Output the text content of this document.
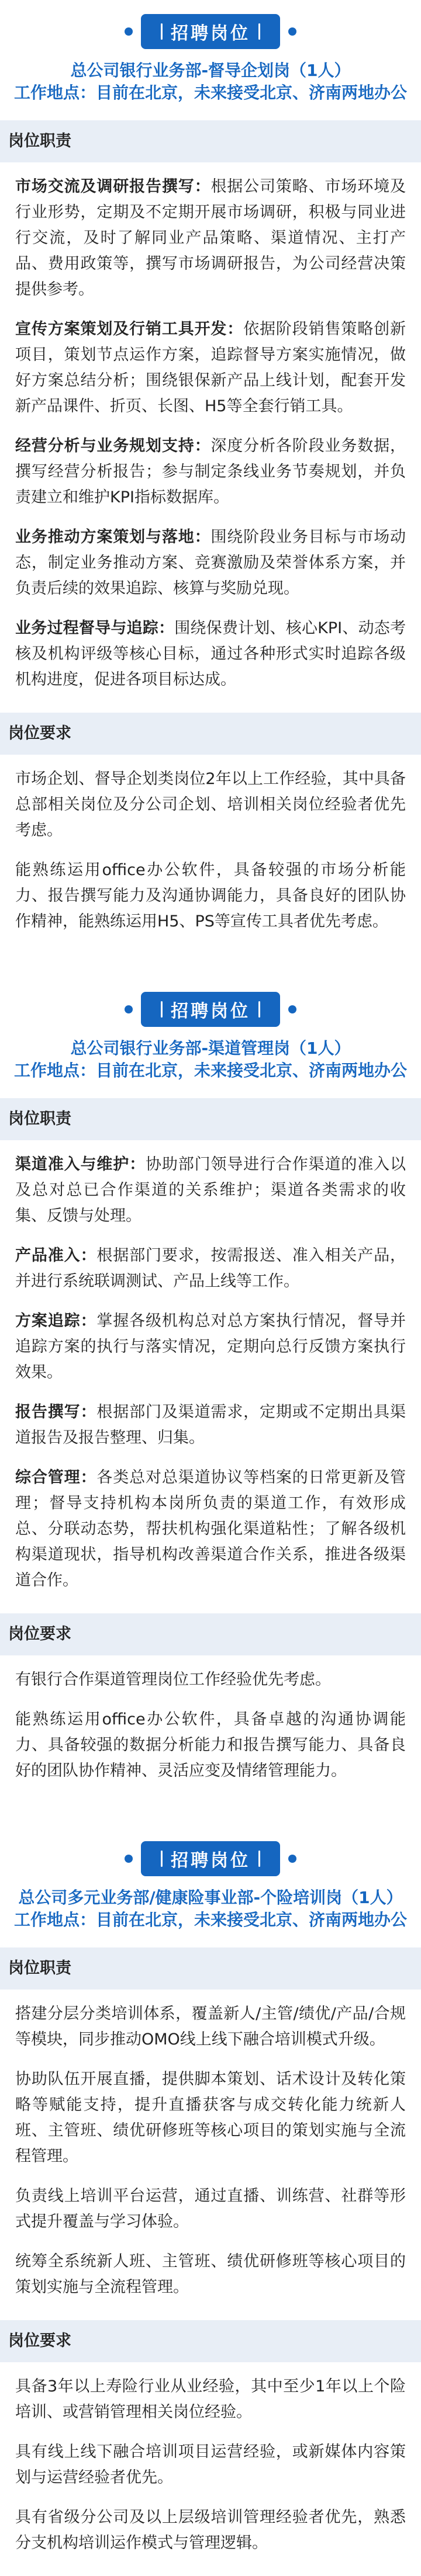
招聘岗位
总公司银行业务部-督导企划岗（1人）
工作地点：目前在北京，未来接受北京、济南两地办公
岗位职责

市场交流及调研报告撰写：根据公司策略、市场环境及行业形势，定期及不定期开展市场调研，积极与同业进行交流，及时了解同业产品策略、渠道情况、主打产品、费用政策等，撰写市场调研报告，为公司经营决策提供参考。

宣传方案策划及行销工具开发：依据阶段销售策略创新项目，策划节点运作方案，追踪督导方案实施情况，做好方案总结分析；围绕银保新产品上线计划，配套开发新产品课件、折页、长图、H5等全套行销工具。

经营分析与业务规划支持：深度分析各阶段业务数据，撰写经营分析报告；参与制定条线业务节奏规划，并负责建立和维护KPI指标数据库。

业务推动方案策划与落地：围绕阶段业务目标与市场动态，制定业务推动方案、竞赛激励及荣誉体系方案，并负责后续的效果追踪、核算与奖励兑现。

业务过程督导与追踪：围绕保费计划、核心KPI、动态考核及机构评级等核心目标，通过各种形式实时追踪各级机构进度，促进各项目标达成。

岗位要求

市场企划、督导企划类岗位2年以上工作经验，其中具备总部相关岗位及分公司企划、培训相关岗位经验者优先考虑。

能熟练运用office办公软件，具备较强的市场分析能力、报告撰写能力及沟通协调能力，具备良好的团队协作精神，能熟练运用H5、PS等宣传工具者优先考虑。

招聘岗位
总公司银行业务部-渠道管理岗（1人）
工作地点：目前在北京，未来接受北京、济南两地办公
岗位职责

渠道准入与维护：协助部门领导进行合作渠道的准入以及总对总已合作渠道的关系维护；渠道各类需求的收集、反馈与处理。

产品准入：根据部门要求，按需报送、准入相关产品，并进行系统联调测试、产品上线等工作。

方案追踪：掌握各级机构总对总方案执行情况，督导并追踪方案的执行与落实情况，定期向总行反馈方案执行效果。

报告撰写：根据部门及渠道需求，定期或不定期出具渠道报告及报告整理、归集。

综合管理：各类总对总渠道协议等档案的日常更新及管理；督导支持机构本岗所负责的渠道工作，有效形成总、分联动态势，帮扶机构强化渠道粘性；了解各级机构渠道现状，指导机构改善渠道合作关系，推进各级渠道合作。

岗位要求

有银行合作渠道管理岗位工作经验优先考虑。

能熟练运用office办公软件，具备卓越的沟通协调能力、具备较强的数据分析能力和报告撰写能力、具备良好的团队协作精神、灵活应变及情绪管理能力。

招聘岗位
总公司多元业务部/健康险事业部-个险培训岗（1人）
工作地点：目前在北京，未来接受北京、济南两地办公
岗位职责

搭建分层分类培训体系，覆盖新人/主管/绩优/产品/合规等模块，同步推动OMO线上线下融合培训模式升级。

协助队伍开展直播，提供脚本策划、话术设计及转化策略等赋能支持，提升直播获客与成交转化能力统新人班、主管班、绩优研修班等核心项目的策划实施与全流程管理。

负责线上培训平台运营，通过直播、训练营、社群等形式提升覆盖与学习体验。

统筹全系统新人班、主管班、绩优研修班等核心项目的策划实施与全流程管理。

岗位要求

具备3年以上寿险行业从业经验，其中至少1年以上个险培训、或营销管理相关岗位经验。

具有线上线下融合培训项目运营经验，或新媒体内容策划与运营经验者优先。

具有省级分公司及以上层级培训管理经验者优先，熟悉分支机构培训运作模式与管理逻辑。
